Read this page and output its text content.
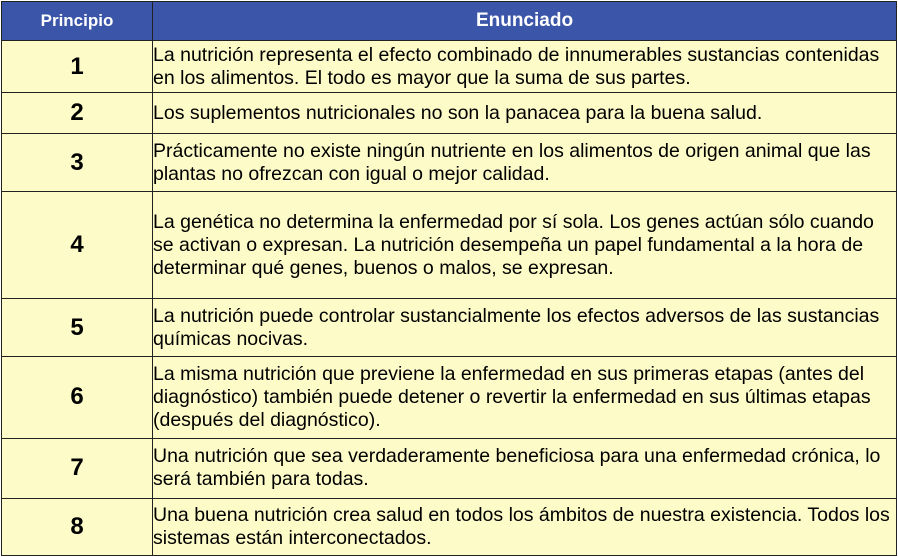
Principio	Enunciado
1	La nutrición representa el efecto combinado de innumerables sustancias contenidas en los alimentos. El todo es mayor que la suma de sus partes.
2	Los suplementos nutricionales no son la panacea para la buena salud.
3	Prácticamente no existe ningún nutriente en los alimentos de origen animal que las plantas no ofrezcan con igual o mejor calidad.
4	La genética no determina la enfermedad por sí sola. Los genes actúan sólo cuando se activan o expresan. La nutrición desempeña un papel fundamental a la hora de determinar qué genes, buenos o malos, se expresan.
5	La nutrición puede controlar sustancialmente los efectos adversos de las sustancias químicas nocivas.
6	La misma nutrición que previene la enfermedad en sus primeras etapas (antes del diagnóstico) también puede detener o revertir la enfermedad en sus últimas etapas (después del diagnóstico).
7	Una nutrición que sea verdaderamente beneficiosa para una enfermedad crónica, lo será también para todas.
8	Una buena nutrición crea salud en todos los ámbitos de nuestra existencia. Todos los sistemas están interconectados.
